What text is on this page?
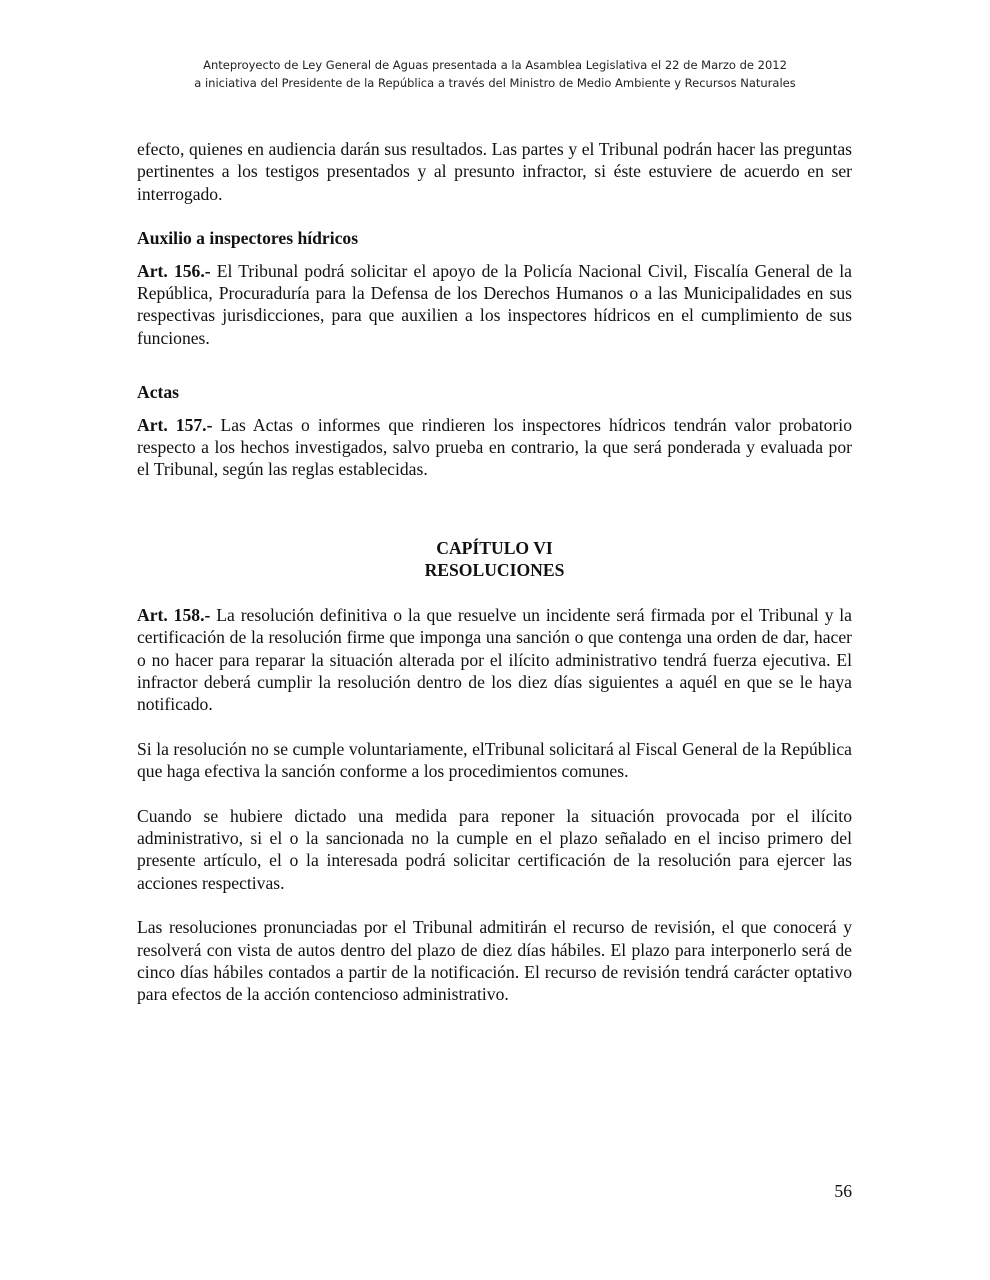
Anteproyecto de Ley General de Aguas presentada a la Asamblea Legislativa el 22 de Marzo de 2012
a iniciativa del Presidente de la República a través del Ministro de Medio Ambiente y Recursos Naturales

efecto, quienes en audiencia darán sus resultados. Las partes y el Tribunal podrán hacer las preguntas pertinentes a los testigos presentados y al presunto infractor, si éste estuviere de acuerdo en ser interrogado.

Auxilio a inspectores hídricos

Art. 156.- El Tribunal podrá solicitar el apoyo de la Policía Nacional Civil, Fiscalía General de la República, Procuraduría para la Defensa de los Derechos Humanos o a las Municipalidades en sus respectivas jurisdicciones, para que auxilien a los inspectores hídricos en el cumplimiento de sus funciones.

Actas

Art. 157.- Las Actas o informes que rindieren los inspectores hídricos tendrán valor probatorio respecto a los hechos investigados, salvo prueba en contrario, la que será ponderada y evaluada por el Tribunal, según las reglas establecidas.

CAPÍTULO VI

RESOLUCIONES

Art. 158.- La resolución definitiva o la que resuelve un incidente será firmada por el Tribunal y la certificación de la resolución firme que imponga una sanción o que contenga una orden de dar, hacer o no hacer para reparar la situación alterada por el ilícito administrativo tendrá fuerza ejecutiva. El infractor deberá cumplir la resolución dentro de los diez días siguientes a aquél en que se le haya notificado.

Si la resolución no se cumple voluntariamente, elTribunal solicitará al Fiscal General de la República que haga efectiva la sanción conforme a los procedimientos comunes.

Cuando se hubiere dictado una medida para reponer la situación provocada por el ilícito administrativo, si el o la sancionada no la cumple en el plazo señalado en el inciso primero del presente artículo, el o la interesada podrá solicitar certificación de la resolución para ejercer las acciones respectivas.

Las resoluciones pronunciadas por el Tribunal admitirán el recurso de revisión, el que conocerá y resolverá con vista de autos dentro del plazo de diez días hábiles. El plazo para interponerlo será de cinco días hábiles contados a partir de la notificación. El recurso de revisión tendrá carácter optativo para efectos de la acción contencioso administrativo.

56
